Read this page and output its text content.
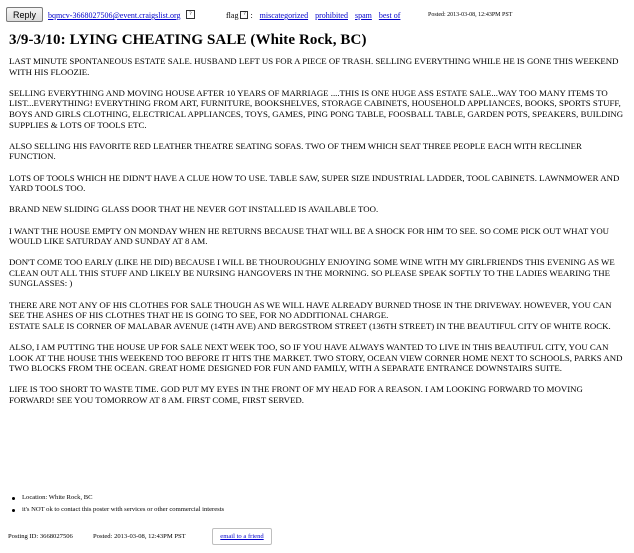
Reply	bqmcv-3668027506@event.craigslist.org	?	flag ? : miscategorized prohibited spam best of	Posted: 2013-03-08, 12:43PM PST
3/9-3/10: LYING CHEATING SALE (White Rock, BC)

LAST MINUTE SPONTANEOUS ESTATE SALE. HUSBAND LEFT US FOR A PIECE OF TRASH. SELLING EVERYTHING WHILE HE IS GONE THIS WEEKEND WITH HIS FLOOZIE.

SELLING EVERYTHING AND MOVING HOUSE AFTER 10 YEARS OF MARRIAGE ....THIS IS ONE HUGE ASS ESTATE SALE...WAY TOO MANY ITEMS TO LIST...EVERYTHING! EVERYTHING FROM ART, FURNITURE, BOOKSHELVES, STORAGE CABINETS, HOUSEHOLD APPLIANCES, BOOKS, SPORTS STUFF, BOYS AND GIRLS CLOTHING, ELECTRICAL APPLIANCES, TOYS, GAMES, PING PONG TABLE, FOOSBALL TABLE, GARDEN POTS, SPEAKERS, BUILDING SUPPLIES & LOTS OF TOOLS ETC.

ALSO SELLING HIS FAVORITE RED LEATHER THEATRE SEATING SOFAS. TWO OF THEM WHICH SEAT THREE PEOPLE EACH WITH RECLINER FUNCTION.

LOTS OF TOOLS WHICH HE DIDN'T HAVE A CLUE HOW TO USE. TABLE SAW, SUPER SIZE INDUSTRIAL LADDER, TOOL CABINETS. LAWNMOWER AND YARD TOOLS TOO.

BRAND NEW SLIDING GLASS DOOR THAT HE NEVER GOT INSTALLED IS AVAILABLE TOO.

I WANT THE HOUSE EMPTY ON MONDAY WHEN HE RETURNS BECAUSE THAT WILL BE A SHOCK FOR HIM TO SEE. SO COME PICK OUT WHAT YOU WOULD LIKE SATURDAY AND SUNDAY AT 8 AM.

DON'T COME TOO EARLY (LIKE HE DID) BECAUSE I WILL BE THOUROUGHLY ENJOYING SOME WINE WITH MY GIRLFRIENDS THIS EVENING AS WE CLEAN OUT ALL THIS STUFF AND LIKELY BE NURSING HANGOVERS IN THE MORNING. SO PLEASE SPEAK SOFTLY TO THE LADIES WEARING THE SUNGLASSES: )

THERE ARE NOT ANY OF HIS CLOTHES FOR SALE THOUGH AS WE WILL HAVE ALREADY BURNED THOSE IN THE DRIVEWAY. HOWEVER, YOU CAN SEE THE ASHES OF HIS CLOTHES THAT HE IS GOING TO SEE, FOR NO ADDITIONAL CHARGE.
ESTATE SALE IS CORNER OF MALABAR AVENUE (14TH AVE) AND BERGSTROM STREET (136TH STREET) IN THE BEAUTIFUL CITY OF WHITE ROCK.

ALSO, I AM PUTTING THE HOUSE UP FOR SALE NEXT WEEK TOO, SO IF YOU HAVE ALWAYS WANTED TO LIVE IN THIS BEAUTIFUL CITY, YOU CAN LOOK AT THE HOUSE THIS WEEKEND TOO BEFORE IT HITS THE MARKET. TWO STORY, OCEAN VIEW CORNER HOME NEXT TO SCHOOLS, PARKS AND TWO BLOCKS FROM THE OCEAN. GREAT HOME DESIGNED FOR FUN AND FAMILY, WITH A SEPARATE ENTRANCE DOWNSTAIRS SUITE.

LIFE IS TOO SHORT TO WASTE TIME. GOD PUT MY EYES IN THE FRONT OF MY HEAD FOR A REASON. I AM LOOKING FORWARD TO MOVING FORWARD! SEE YOU TOMORROW AT 8 AM. FIRST COME, FIRST SERVED.

Location: White Rock, BC
it's NOT ok to contact this poster with services or other commercial interests
Posting ID: 3668027506	Posted: 2013-03-08, 12:43PM PST	email to a friend
